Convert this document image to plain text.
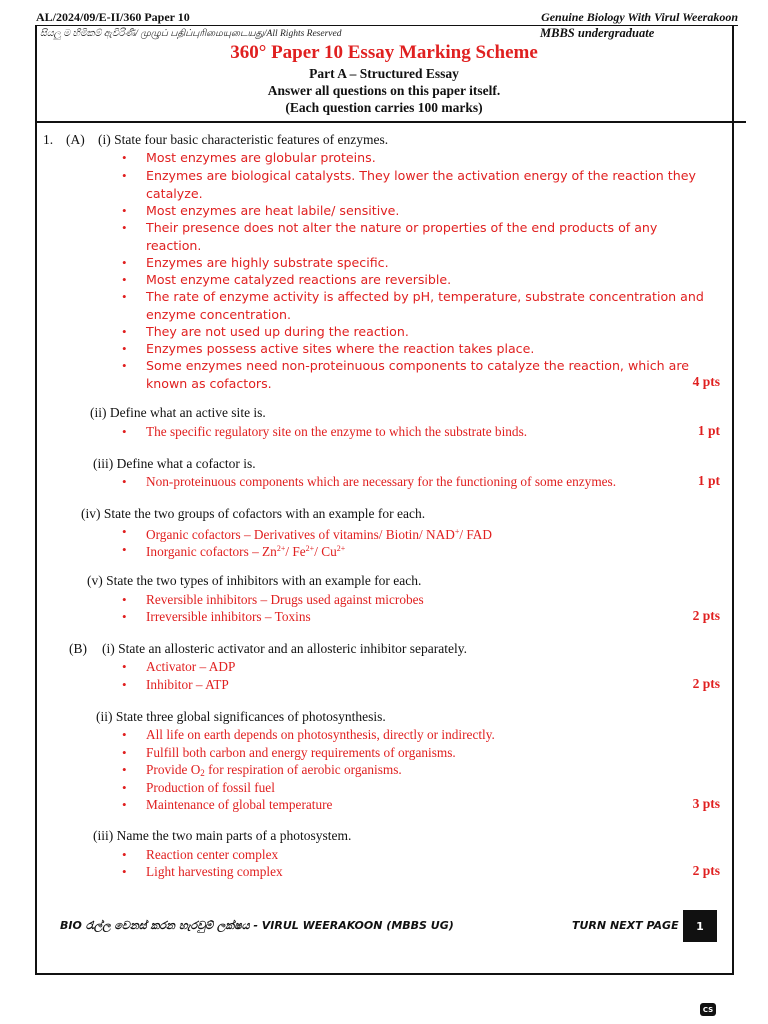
AL/2024/09/E-II/360 Paper 10	Genuine Biology With Virul Weerakoon
සියලු ම හිමිකම් ඇවිරිණි/ முழுப் பதிப்புரிமையுடையது/All Rights Reserved	MBBS undergraduate
360° Paper 10 Essay Marking Scheme
Part A – Structured Essay
Answer all questions on this paper itself.
(Each question carries 100 marks)
1. (A) (i) State four basic characteristic features of enzymes.
• Most enzymes are globular proteins.
• Enzymes are biological catalysts. They lower the activation energy of the reaction they catalyze.
• Most enzymes are heat labile/ sensitive.
• Their presence does not alter the nature or properties of the end products of any reaction.
• Enzymes are highly substrate specific.
• Most enzyme catalyzed reactions are reversible.
• The rate of enzyme activity is affected by pH, temperature, substrate concentration and enzyme concentration.
• They are not used up during the reaction.
• Enzymes possess active sites where the reaction takes place.
• Some enzymes need non-proteinuous components to catalyze the reaction, which are known as cofactors.	4 pts
(ii) Define what an active site is.
• The specific regulatory site on the enzyme to which the substrate binds.	1 pt
(iii) Define what a cofactor is.
• Non-proteinuous components which are necessary for the functioning of some enzymes.	1 pt
(iv) State the two groups of cofactors with an example for each.
• Organic cofactors – Derivatives of vitamins/ Biotin/ NAD+/ FAD
• Inorganic cofactors – $Zn^{2+}/$ $Fe^{2+}/$ $Cu^{2+}$
(v) State the two types of inhibitors with an example for each.
• Reversible inhibitors – Drugs used against microbes
• Irreversible inhibitors – Toxins	2 pts
(B) (i) State an allosteric activator and an allosteric inhibitor separately.
• Activator – ADP
• Inhibitor – ATP	2 pts
(ii) State three global significances of photosynthesis.
• All life on earth depends on photosynthesis, directly or indirectly.
• Fulfill both carbon and energy requirements of organisms.
• Provide $O_2$ for respiration of aerobic organisms.
• Production of fossil fuel
• Maintenance of global temperature	3 pts
(iii) Name the two main parts of a photosystem.
• Reaction center complex
• Light harvesting complex	2 pts
BIO රැල්ල වෙනස් කරන හැරවුම් ලක්ෂය - VIRUL WEERAKOON (MBBS UG)	TURN NEXT PAGE	1
CS
